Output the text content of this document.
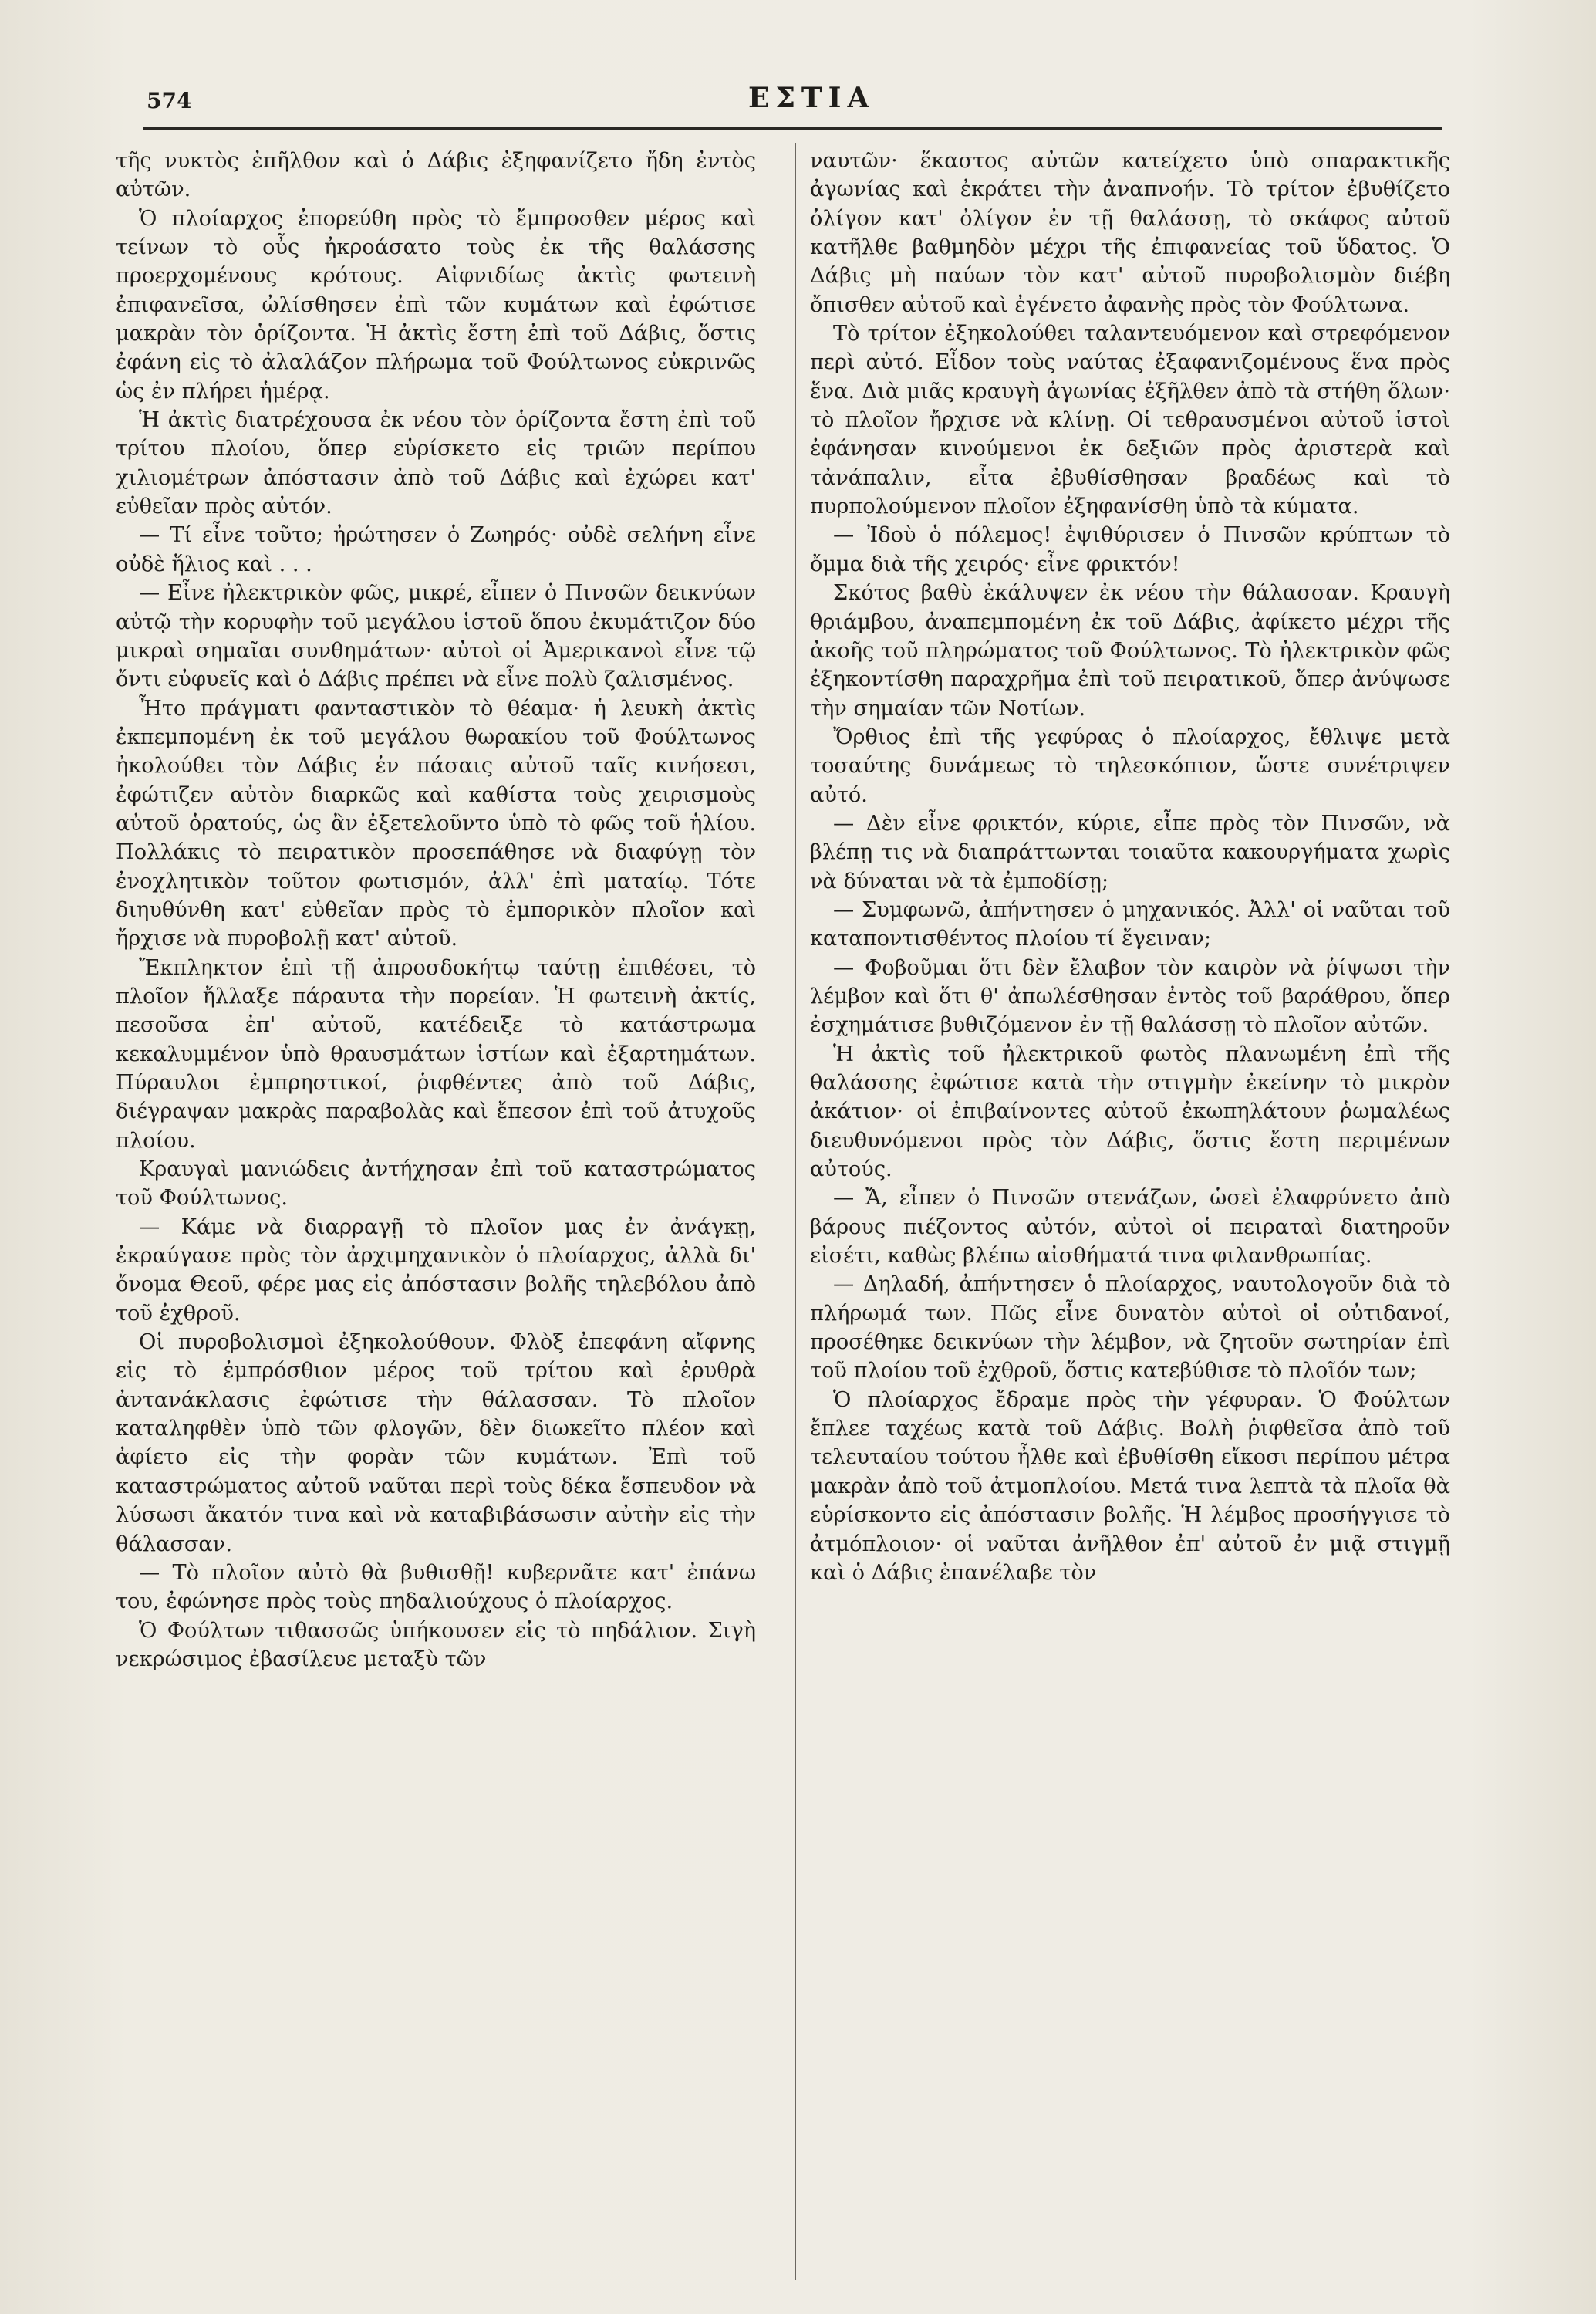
574	ΕΣΤΙΑ

τῆς νυκτὸς ἐπῆλθον καὶ ὁ Δάβις ἐξηφανίζετο ἤδη ἐντὸς αὐτῶν.

Ὁ πλοίαρχος ἐπορεύθη πρὸς τὸ ἔμπροσθεν μέρος καὶ τείνων τὸ οὖς ἠκροάσατο τοὺς ἐκ τῆς θαλάσσης προερχομένους κρότους. Αἰφνιδίως ἀκτὶς φωτεινὴ ἐπιφανεῖσα, ὠλίσθησεν ἐπὶ τῶν κυμάτων καὶ ἐφώτισε μακρὰν τὸν ὁρίζοντα. Ἡ ἀκτὶς ἔστη ἐπὶ τοῦ Δάβις, ὅστις ἐφάνη εἰς τὸ ἀλαλάζον πλήρωμα τοῦ Φούλτωνος εὐκρινῶς ὡς ἐν πλήρει ἡμέρᾳ.

Ἡ ἀκτὶς διατρέχουσα ἐκ νέου τὸν ὁρίζοντα ἔστη ἐπὶ τοῦ τρίτου πλοίου, ὅπερ εὑρίσκετο εἰς τριῶν περίπου χιλιομέτρων ἀπόστασιν ἀπὸ τοῦ Δάβις καὶ ἐχώρει κατ' εὐθεῖαν πρὸς αὐτόν.

— Τί εἶνε τοῦτο; ἠρώτησεν ὁ Ζωηρός· οὐδὲ σελήνη εἶνε οὐδὲ ἥλιος καὶ . . .

— Εἶνε ἠλεκτρικὸν φῶς, μικρέ, εἶπεν ὁ Πινσῶν δεικνύων αὐτῷ τὴν κορυφὴν τοῦ μεγάλου ἱστοῦ ὅπου ἐκυμάτιζον δύο μικραὶ σημαῖαι συνθημάτων· αὐτοὶ οἱ Ἀμερικανοὶ εἶνε τῷ ὄντι εὐφυεῖς καὶ ὁ Δάβις πρέπει νὰ εἶνε πολὺ ζαλισμένος.

Ἦτο πράγματι φανταστικὸν τὸ θέαμα· ἡ λευκὴ ἀκτὶς ἐκπεμπομένη ἐκ τοῦ μεγάλου θωρακίου τοῦ Φούλτωνος ἠκολούθει τὸν Δάβις ἐν πάσαις αὐτοῦ ταῖς κινήσεσι, ἐφώτιζεν αὐτὸν διαρκῶς καὶ καθίστα τοὺς χειρισμοὺς αὐτοῦ ὁρατούς, ὡς ἂν ἐξετελοῦντο ὑπὸ τὸ φῶς τοῦ ἡλίου. Πολλάκις τὸ πειρατικὸν προσεπάθησε νὰ διαφύγῃ τὸν ἐνοχλητικὸν τοῦτον φωτισμόν, ἀλλ' ἐπὶ ματαίῳ. Τότε διηυθύνθη κατ' εὐθεῖαν πρὸς τὸ ἐμπορικὸν πλοῖον καὶ ἤρχισε νὰ πυροβολῇ κατ' αὐτοῦ.

Ἔκπληκτον ἐπὶ τῇ ἀπροσδοκήτῳ ταύτῃ ἐπιθέσει, τὸ πλοῖον ἤλλαξε πάραυτα τὴν πορείαν. Ἡ φωτεινὴ ἀκτίς, πεσοῦσα ἐπ' αὐτοῦ, κατέδειξε τὸ κατάστρωμα κεκαλυμμένον ὑπὸ θραυσμάτων ἱστίων καὶ ἐξαρτημάτων. Πύραυλοι ἐμπρηστικοί, ῥιφθέντες ἀπὸ τοῦ Δάβις, διέγραψαν μακρὰς παραβολὰς καὶ ἔπεσον ἐπὶ τοῦ ἀτυχοῦς πλοίου.

Κραυγαὶ μανιώδεις ἀντήχησαν ἐπὶ τοῦ καταστρώματος τοῦ Φούλτωνος.

— Κάμε νὰ διαρραγῇ τὸ πλοῖον μας ἐν ἀνάγκῃ, ἐκραύγασε πρὸς τὸν ἀρχιμηχανικὸν ὁ πλοίαρχος, ἀλλὰ δι' ὄνομα Θεοῦ, φέρε μας εἰς ἀπόστασιν βολῆς τηλεβόλου ἀπὸ τοῦ ἐχθροῦ.

Οἱ πυροβολισμοὶ ἐξηκολούθουν. Φλὸξ ἐπεφάνη αἴφνης εἰς τὸ ἐμπρόσθιον μέρος τοῦ τρίτου καὶ ἐρυθρὰ ἀντανάκλασις ἐφώτισε τὴν θάλασσαν. Τὸ πλοῖον καταληφθὲν ὑπὸ τῶν φλογῶν, δὲν διωκεῖτο πλέον καὶ ἀφίετο εἰς τὴν φορὰν τῶν κυμάτων. Ἐπὶ τοῦ καταστρώματος αὐτοῦ ναῦται περὶ τοὺς δέκα ἔσπευδον νὰ λύσωσι ἄκατόν τινα καὶ νὰ καταβιβάσωσιν αὐτὴν εἰς τὴν θάλασσαν.

— Τὸ πλοῖον αὐτὸ θὰ βυθισθῇ! κυβερνᾶτε κατ' ἐπάνω του, ἐφώνησε πρὸς τοὺς πηδαλιούχους ὁ πλοίαρχος.

Ὁ Φούλτων τιθασσῶς ὑπήκουσεν εἰς τὸ πηδάλιον. Σιγὴ νεκρώσιμος ἐβασίλευε μεταξὺ τῶν

ναυτῶν· ἕκαστος αὐτῶν κατείχετο ὑπὸ σπαρακτικῆς ἀγωνίας καὶ ἐκράτει τὴν ἀναπνοήν. Τὸ τρίτον ἐβυθίζετο ὀλίγον κατ' ὀλίγον ἐν τῇ θαλάσσῃ, τὸ σκάφος αὐτοῦ κατῆλθε βαθμηδὸν μέχρι τῆς ἐπιφανείας τοῦ ὕδατος. Ὁ Δάβις μὴ παύων τὸν κατ' αὐτοῦ πυροβολισμὸν διέβη ὄπισθεν αὐτοῦ καὶ ἐγένετο ἀφανὴς πρὸς τὸν Φούλτωνα.

Τὸ τρίτον ἐξηκολούθει ταλαντευόμενον καὶ στρεφόμενον περὶ αὐτό. Εἶδον τοὺς ναύτας ἐξαφανιζομένους ἕνα πρὸς ἕνα. Διὰ μιᾶς κραυγὴ ἀγωνίας ἐξῆλθεν ἀπὸ τὰ στήθη ὅλων· τὸ πλοῖον ἤρχισε νὰ κλίνῃ. Οἱ τεθραυσμένοι αὐτοῦ ἱστοὶ ἐφάνησαν κινούμενοι ἐκ δεξιῶν πρὸς ἀριστερὰ καὶ τἀνάπαλιν, εἶτα ἐβυθίσθησαν βραδέως καὶ τὸ πυρπολούμενον πλοῖον ἐξηφανίσθη ὑπὸ τὰ κύματα.

— Ἰδοὺ ὁ πόλεμος! ἐψιθύρισεν ὁ Πινσῶν κρύπτων τὸ ὄμμα διὰ τῆς χειρός· εἶνε φρικτόν!

Σκότος βαθὺ ἐκάλυψεν ἐκ νέου τὴν θάλασσαν. Κραυγὴ θριάμβου, ἀναπεμπομένη ἐκ τοῦ Δάβις, ἀφίκετο μέχρι τῆς ἀκοῆς τοῦ πληρώματος τοῦ Φούλτωνος. Τὸ ἠλεκτρικὸν φῶς ἐξηκοντίσθη παραχρῆμα ἐπὶ τοῦ πειρατικοῦ, ὅπερ ἀνύψωσε τὴν σημαίαν τῶν Νοτίων.

Ὄρθιος ἐπὶ τῆς γεφύρας ὁ πλοίαρχος, ἔθλιψε μετὰ τοσαύτης δυνάμεως τὸ τηλεσκόπιον, ὥστε συνέτριψεν αὐτό.

— Δὲν εἶνε φρικτόν, κύριε, εἶπε πρὸς τὸν Πινσῶν, νὰ βλέπῃ τις νὰ διαπράττωνται τοιαῦτα κακουργήματα χωρὶς νὰ δύναται νὰ τὰ ἐμποδίσῃ;

— Συμφωνῶ, ἀπήντησεν ὁ μηχανικός. Ἀλλ' οἱ ναῦται τοῦ καταποντισθέντος πλοίου τί ἔγειναν;

— Φοβοῦμαι ὅτι δὲν ἔλαβον τὸν καιρὸν νὰ ῥίψωσι τὴν λέμβον καὶ ὅτι θ' ἀπωλέσθησαν ἐντὸς τοῦ βαράθρου, ὅπερ ἐσχημάτισε βυθιζόμενον ἐν τῇ θαλάσσῃ τὸ πλοῖον αὐτῶν.

Ἡ ἀκτὶς τοῦ ἠλεκτρικοῦ φωτὸς πλανωμένη ἐπὶ τῆς θαλάσσης ἐφώτισε κατὰ τὴν στιγμὴν ἐκείνην τὸ μικρὸν ἀκάτιον· οἱ ἐπιβαίνοντες αὐτοῦ ἐκωπηλάτουν ῥωμαλέως διευθυνόμενοι πρὸς τὸν Δάβις, ὅστις ἔστη περιμένων αὐτούς.

— Ἄ, εἶπεν ὁ Πινσῶν στενάζων, ὡσεὶ ἐλαφρύνετο ἀπὸ βάρους πιέζοντος αὐτόν, αὐτοὶ οἱ πειραταὶ διατηροῦν εἰσέτι, καθὼς βλέπω αἰσθήματά τινα φιλανθρωπίας.

— Δηλαδή, ἀπήντησεν ὁ πλοίαρχος, ναυτολογοῦν διὰ τὸ πλήρωμά των. Πῶς εἶνε δυνατὸν αὐτοὶ οἱ οὐτιδανοί, προσέθηκε δεικνύων τὴν λέμβον, νὰ ζητοῦν σωτηρίαν ἐπὶ τοῦ πλοίου τοῦ ἐχθροῦ, ὅστις κατεβύθισε τὸ πλοῖόν των;

Ὁ πλοίαρχος ἔδραμε πρὸς τὴν γέφυραν. Ὁ Φούλτων ἔπλεε ταχέως κατὰ τοῦ Δάβις. Βολὴ ῥιφθεῖσα ἀπὸ τοῦ τελευταίου τούτου ἦλθε καὶ ἐβυθίσθη εἴκοσι περίπου μέτρα μακρὰν ἀπὸ τοῦ ἀτμοπλοίου. Μετά τινα λεπτὰ τὰ πλοῖα θὰ εὑρίσκοντο εἰς ἀπόστασιν βολῆς. Ἡ λέμβος προσήγγισε τὸ ἀτμόπλοιον· οἱ ναῦται ἀνῆλθον ἐπ' αὐτοῦ ἐν μιᾷ στιγμῇ καὶ ὁ Δάβις ἐπανέλαβε τὸν
